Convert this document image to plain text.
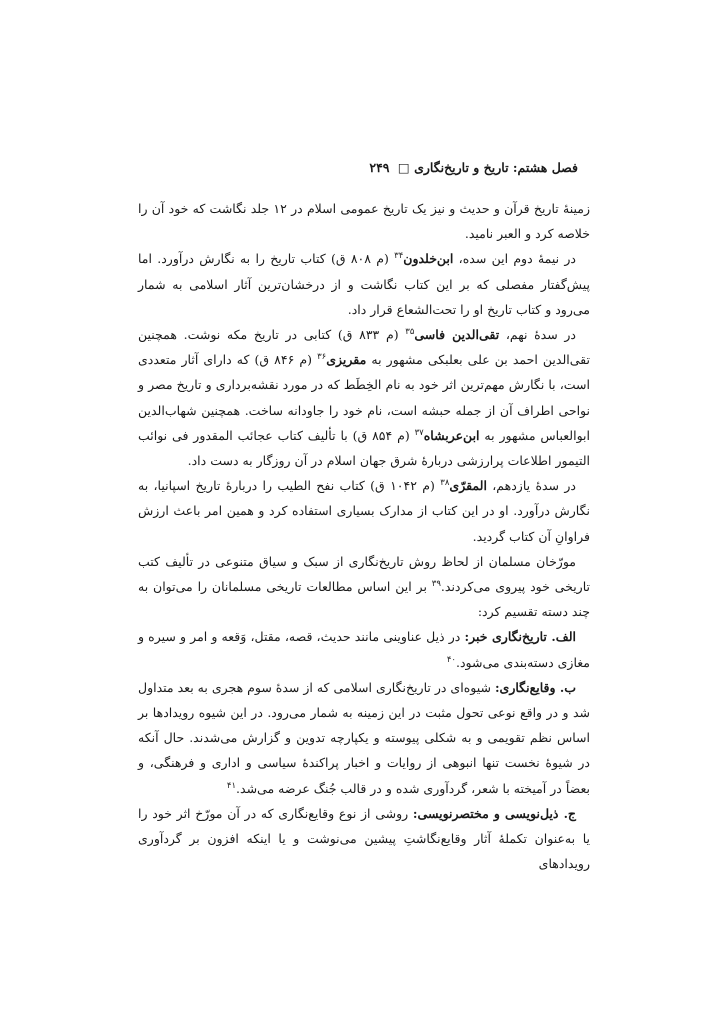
فصل هشتم: تاریخ و تاریخ‌نگاری □ ۲۴۹

زمینهٔ تاریخ قرآن و حدیث و نیز یک تاریخ عمومی اسلام در ۱۲ جلد نگاشت که خود آن را خلاصه کرد و العبر نامید.

در نیمهٔ دوم این سده، ابن‌خلدون$^{۳۴}$ (م ۸۰۸ ق) کتاب تاریخ را به نگارش درآورد. اما پیش‌گفتار مفصلی که بر این کتاب نگاشت و از درخشان‌ترین آثار اسلامی به شمار می‌رود و کتاب تاریخ او را تحت‌الشعاع قرار داد.

در سدهٔ نهم، تقی‌الدین فاسی$^{۳۵}$ (م ۸۳۳ ق) کتابی در تاریخ مکه نوشت. همچنین تقی‌الدین احمد بن علی بعلبکی مشهور به مقریزی$^{۳۶}$ (م ۸۴۶ ق) که دارای آثار متعددی است، با نگارش مهم‌ترین اثر خود به نام الخِطَط که در مورد نقشه‌برداری و تاریخ مصر و نواحی اطراف آن از جمله حبشه است، نام خود را جاودانه ساخت. همچنین شهاب‌الدین ابوالعباس مشهور به ابن‌عربشاه$^{۳۷}$ (م ۸۵۴ ق) با تألیف کتاب عجائب المقدور فی نوائب التیمور اطلاعات پرارزشی دربارهٔ شرق جهان اسلام در آن روزگار به دست داد.

در سدهٔ یازدهم، المقرّی$^{۳۸}$ (م ۱۰۴۲ ق) کتاب نفح الطیب را دربارهٔ تاریخ اسپانیا، به نگارش درآورد. او در این کتاب از مدارک بسیاری استفاده کرد و همین امر باعث ارزش فراوانِ آن کتاب گردید.

مورّخان مسلمان از لحاظ روش تاریخ‌نگاری از سبک و سیاق متنوعی در تألیف کتب تاریخی خود پیروی می‌کردند.$^{۳۹}$ بر این اساس مطالعات تاریخی مسلمانان را می‌توان به چند دسته تقسیم کرد:

الف. تاریخ‌نگاری خبر: در ذیل عناوینی مانند حدیث، قصه، مقتل، وَقعه و امر و سیره و مغازی دسته‌بندی می‌شود.$^{۴۰}$

ب. وقایع‌نگاری: شیوه‌ای در تاریخ‌نگاری اسلامی که از سدهٔ سوم هجری به بعد متداول شد و در واقع نوعی تحول مثبت در این زمینه به شمار می‌رود. در این شیوه رویدادها بر اساس نظم تقویمی و به شکلی پیوسته و یکپارچه تدوین و گزارش می‌شدند. حال آنکه در شیوهٔ نخست تنها انبوهی از روایات و اخبار پراکندهٔ سیاسی و اداری و فرهنگی، و بعضاً در آمیخته با شعر، گردآوری شده و در قالب جُنگ عرضه می‌شد.$^{۴۱}$

ج. ذیل‌نویسی و مختصرنویسی: روشی از نوع وقایع‌نگاری که در آن مورّخ اثر خود را یا به‌عنوان تکملهٔ آثار وقایع‌نگاشتِ پیشین می‌نوشت و یا اینکه افزون بر گردآوری رویدادهای
